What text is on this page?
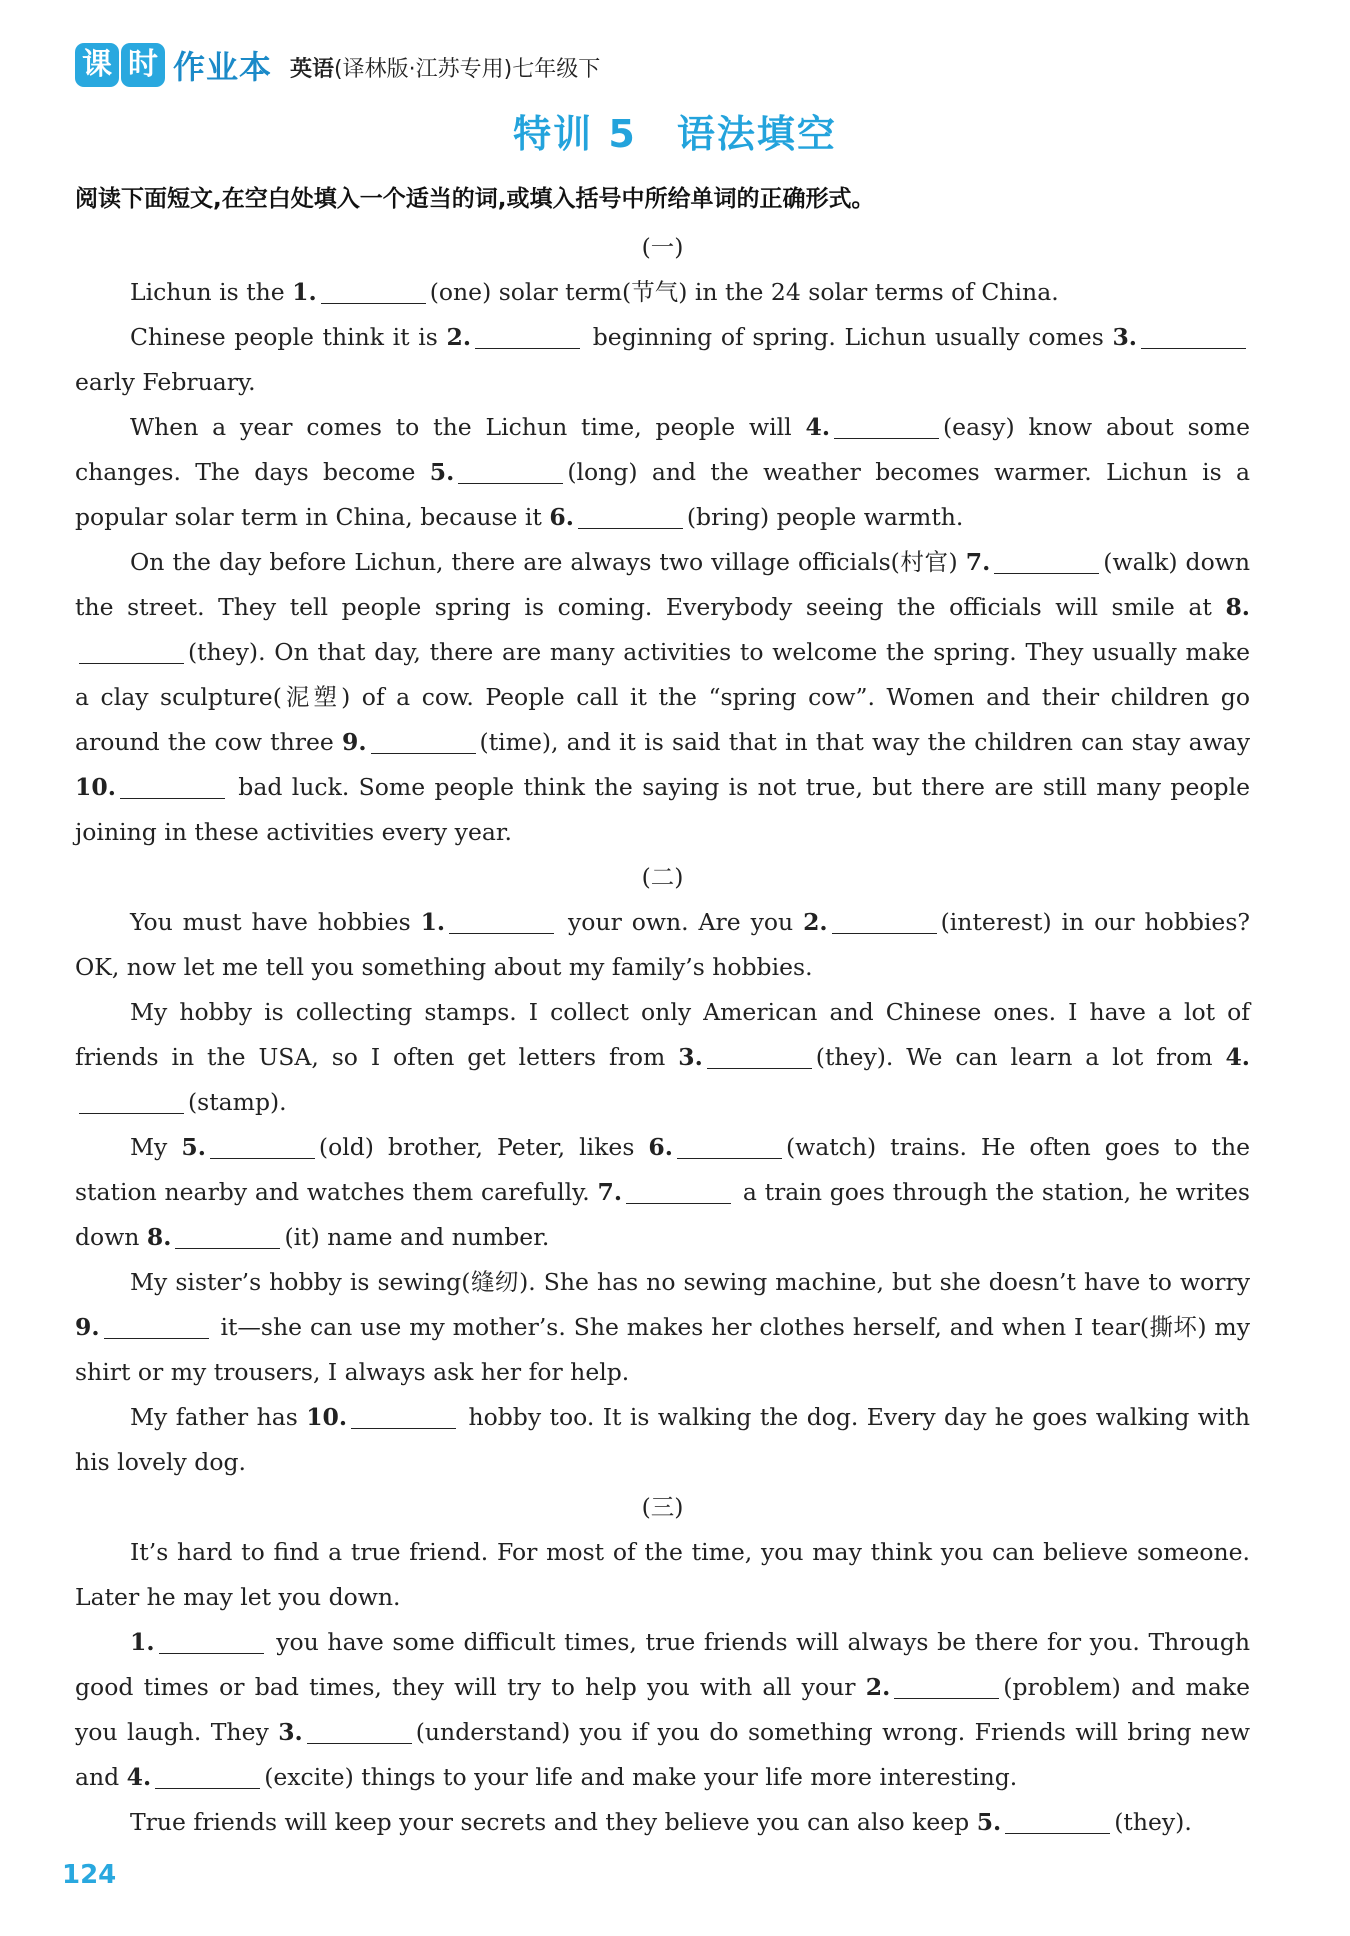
课 时 作业本 英语(译林版·江苏专用)七年级下
特训 5　语法填空
阅读下面短文,在空白处填入一个适当的词,或填入括号中所给单词的正确形式。
(一)

Lichun is the 1.	(one) solar term(节气) in the 24 solar terms of China.

Chinese people think it is 2.	beginning of spring. Lichun usually comes 3. early February.

When a year comes to the Lichun time, people will 4.	(easy) know about some changes. The days become 5.	(long) and the weather becomes warmer. Lichun is a popular solar term in China, because it 6.	(bring) people warmth.

On the day before Lichun, there are always two village officials(村官) 7.	(walk) down the street. They tell people spring is coming. Everybody seeing the officials will smile at 8.(they). On that day, there are many activities to welcome the spring. They usually make a clay sculpture(泥塑) of a cow. People call it the “spring cow”. Women and their children go around the cow three 9.	(time), and it is said that in that way the children can stay away 10.	bad luck. Some people think the saying is not true, but there are still many people joining in these activities every year.

(二)

You must have hobbies 1.	your own. Are you 2.	(interest) in our hobbies? OK, now let me tell you something about my family’s hobbies.

My hobby is collecting stamps. I collect only American and Chinese ones. I have a lot of friends in the USA, so I often get letters from 3.	(they). We can learn a lot from 4.(stamp).

My 5.	(old) brother, Peter, likes 6.	(watch) trains. He often goes to the station nearby and watches them carefully. 7.	a train goes through the station, he writes down 8.	(it) name and number.

My sister’s hobby is sewing(缝纫). She has no sewing machine, but she doesn’t have to worry 9.	it—she can use my mother’s. She makes her clothes herself, and when I tear(撕坏) my shirt or my trousers, I always ask her for help.

My father has 10.	hobby too. It is walking the dog. Every day he goes walking with his lovely dog.

(三)

It’s hard to find a true friend. For most of the time, you may think you can believe someone. Later he may let you down.

1.	you have some difficult times, true friends will always be there for you. Through good times or bad times, they will try to help you with all your 2.	(problem) and make you laugh. They 3.	(understand) you if you do something wrong. Friends will bring new and 4.	(excite) things to your life and make your life more interesting.

True friends will keep your secrets and they believe you can also keep 5.	(they).

124
